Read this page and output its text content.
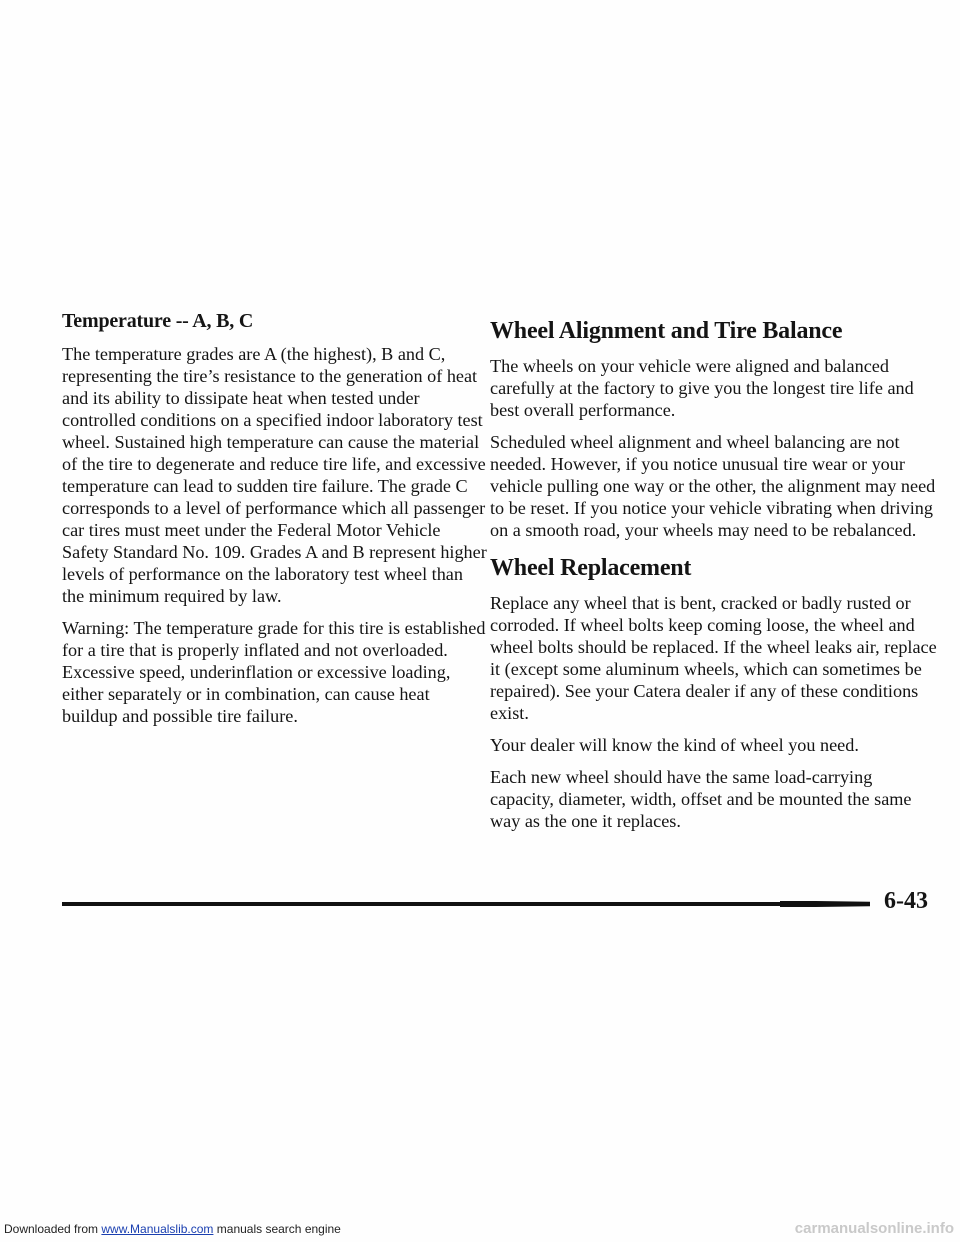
Temperature -- A, B, C

The temperature grades are A (the highest), B and C, representing the tire’s resistance to the generation of heat and its ability to dissipate heat when tested under controlled conditions on a specified indoor laboratory test wheel. Sustained high temperature can cause the material of the tire to degenerate and reduce tire life, and excessive temperature can lead to sudden tire failure. The grade C corresponds to a level of performance which all passenger car tires must meet under the Federal Motor Vehicle Safety Standard No. 109. Grades A and B represent higher levels of performance on the laboratory test wheel than the minimum required by law.

Warning: The temperature grade for this tire is established for a tire that is properly inflated and not overloaded. Excessive speed, underinflation or excessive loading, either separately or in combination, can cause heat buildup and possible tire failure.

Wheel Alignment and Tire Balance

The wheels on your vehicle were aligned and balanced carefully at the factory to give you the longest tire life and best overall performance.

Scheduled wheel alignment and wheel balancing are not needed. However, if you notice unusual tire wear or your vehicle pulling one way or the other, the alignment may need to be reset. If you notice your vehicle vibrating when driving on a smooth road, your wheels may need to be rebalanced.

Wheel Replacement

Replace any wheel that is bent, cracked or badly rusted or corroded. If wheel bolts keep coming loose, the wheel and wheel bolts should be replaced. If the wheel leaks air, replace it (except some aluminum wheels, which can sometimes be repaired). See your Catera dealer if any of these conditions exist.

Your dealer will know the kind of wheel you need.

Each new wheel should have the same load-carrying capacity, diameter, width, offset and be mounted the same way as the one it replaces.

6-43
Downloaded from www.Manualslib.com manuals search engine	carmanualsonline.info
